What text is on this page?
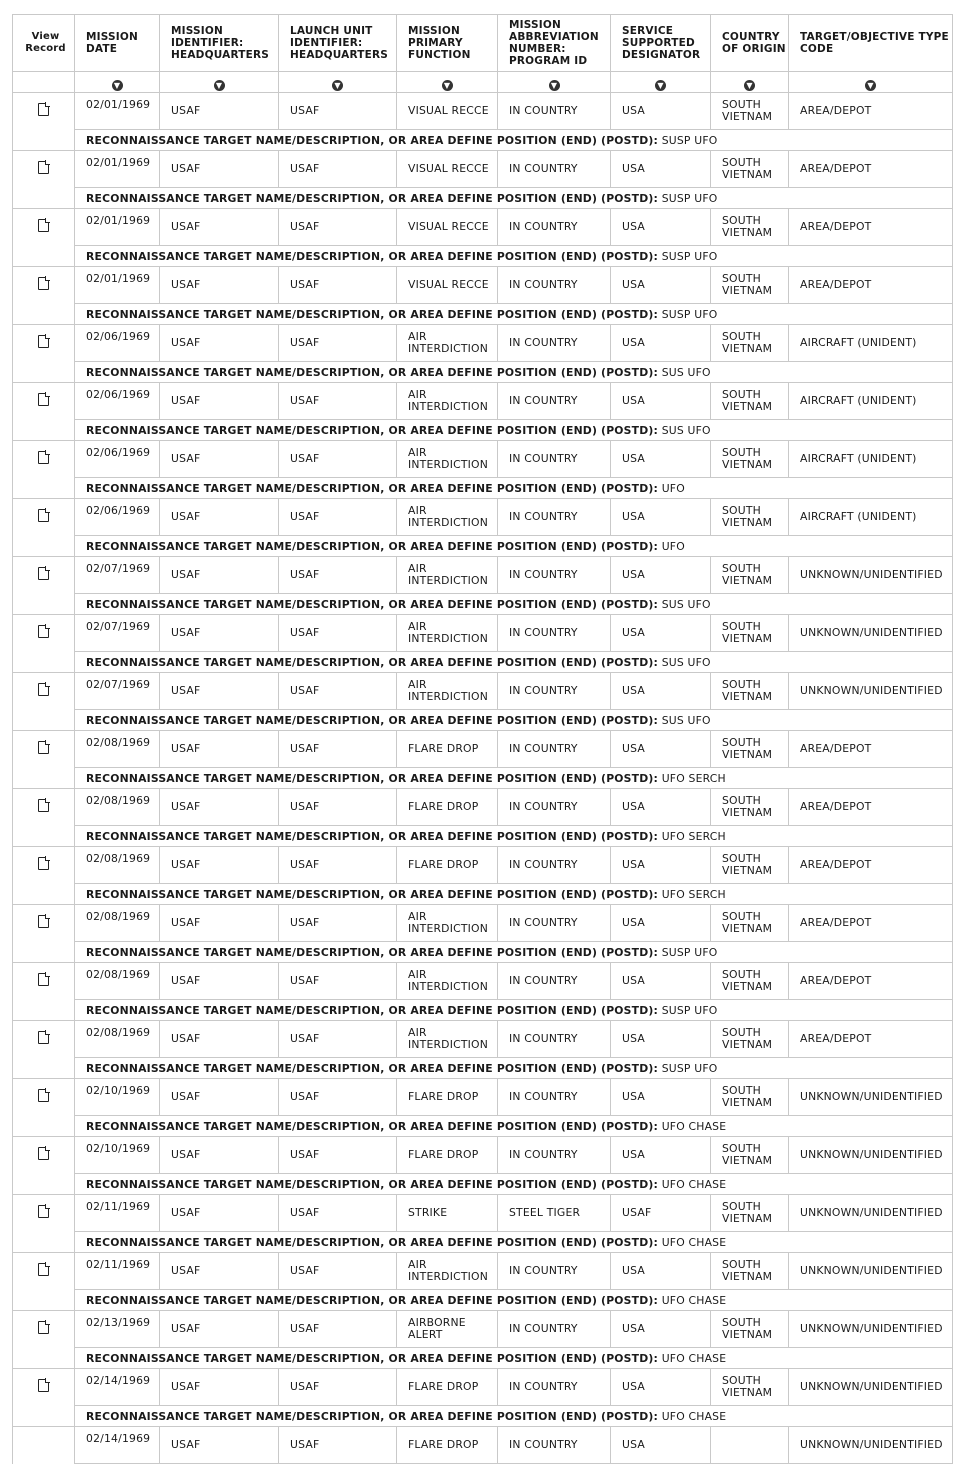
View Record	MISSION DATE	MISSION IDENTIFIER: HEADQUARTERS	LAUNCH UNIT IDENTIFIER: HEADQUARTERS	MISSION PRIMARY FUNCTION	MISSION ABBREVIATION NUMBER: PROGRAM ID	SERVICE SUPPORTED DESIGNATOR	COUNTRY OF ORIGIN	TARGET/OBJECTIVE TYPE CODE
	▼	▼	▼	▼	▼	▼	▼	▼
	02/01/1969	USAF	USAF	VISUAL RECCE	IN COUNTRY	USA	SOUTH VIETNAM	AREA/DEPOT
	RECONNAISSANCE TARGET NAME/DESCRIPTION, OR AREA DEFINE POSITION (END) (POSTD): SUSP UFO							
	02/01/1969	USAF	USAF	VISUAL RECCE	IN COUNTRY	USA	SOUTH VIETNAM	AREA/DEPOT
	RECONNAISSANCE TARGET NAME/DESCRIPTION, OR AREA DEFINE POSITION (END) (POSTD): SUSP UFO							
	02/01/1969	USAF	USAF	VISUAL RECCE	IN COUNTRY	USA	SOUTH VIETNAM	AREA/DEPOT
	RECONNAISSANCE TARGET NAME/DESCRIPTION, OR AREA DEFINE POSITION (END) (POSTD): SUSP UFO							
	02/01/1969	USAF	USAF	VISUAL RECCE	IN COUNTRY	USA	SOUTH VIETNAM	AREA/DEPOT
	RECONNAISSANCE TARGET NAME/DESCRIPTION, OR AREA DEFINE POSITION (END) (POSTD): SUSP UFO							
	02/06/1969	USAF	USAF	AIR INTERDICTION	IN COUNTRY	USA	SOUTH VIETNAM	AIRCRAFT (UNIDENT)
	RECONNAISSANCE TARGET NAME/DESCRIPTION, OR AREA DEFINE POSITION (END) (POSTD): SUS UFO							
	02/06/1969	USAF	USAF	AIR INTERDICTION	IN COUNTRY	USA	SOUTH VIETNAM	AIRCRAFT (UNIDENT)
	RECONNAISSANCE TARGET NAME/DESCRIPTION, OR AREA DEFINE POSITION (END) (POSTD): SUS UFO							
	02/06/1969	USAF	USAF	AIR INTERDICTION	IN COUNTRY	USA	SOUTH VIETNAM	AIRCRAFT (UNIDENT)
	RECONNAISSANCE TARGET NAME/DESCRIPTION, OR AREA DEFINE POSITION (END) (POSTD): UFO							
	02/06/1969	USAF	USAF	AIR INTERDICTION	IN COUNTRY	USA	SOUTH VIETNAM	AIRCRAFT (UNIDENT)
	RECONNAISSANCE TARGET NAME/DESCRIPTION, OR AREA DEFINE POSITION (END) (POSTD): UFO							
	02/07/1969	USAF	USAF	AIR INTERDICTION	IN COUNTRY	USA	SOUTH VIETNAM	UNKNOWN/UNIDENTIFIED
	RECONNAISSANCE TARGET NAME/DESCRIPTION, OR AREA DEFINE POSITION (END) (POSTD): SUS UFO							
	02/07/1969	USAF	USAF	AIR INTERDICTION	IN COUNTRY	USA	SOUTH VIETNAM	UNKNOWN/UNIDENTIFIED
	RECONNAISSANCE TARGET NAME/DESCRIPTION, OR AREA DEFINE POSITION (END) (POSTD): SUS UFO							
	02/07/1969	USAF	USAF	AIR INTERDICTION	IN COUNTRY	USA	SOUTH VIETNAM	UNKNOWN/UNIDENTIFIED
	RECONNAISSANCE TARGET NAME/DESCRIPTION, OR AREA DEFINE POSITION (END) (POSTD): SUS UFO							
	02/08/1969	USAF	USAF	FLARE DROP	IN COUNTRY	USA	SOUTH VIETNAM	AREA/DEPOT
	RECONNAISSANCE TARGET NAME/DESCRIPTION, OR AREA DEFINE POSITION (END) (POSTD): UFO SERCH							
	02/08/1969	USAF	USAF	FLARE DROP	IN COUNTRY	USA	SOUTH VIETNAM	AREA/DEPOT
	RECONNAISSANCE TARGET NAME/DESCRIPTION, OR AREA DEFINE POSITION (END) (POSTD): UFO SERCH							
	02/08/1969	USAF	USAF	FLARE DROP	IN COUNTRY	USA	SOUTH VIETNAM	AREA/DEPOT
	RECONNAISSANCE TARGET NAME/DESCRIPTION, OR AREA DEFINE POSITION (END) (POSTD): UFO SERCH							
	02/08/1969	USAF	USAF	AIR INTERDICTION	IN COUNTRY	USA	SOUTH VIETNAM	AREA/DEPOT
	RECONNAISSANCE TARGET NAME/DESCRIPTION, OR AREA DEFINE POSITION (END) (POSTD): SUSP UFO							
	02/08/1969	USAF	USAF	AIR INTERDICTION	IN COUNTRY	USA	SOUTH VIETNAM	AREA/DEPOT
	RECONNAISSANCE TARGET NAME/DESCRIPTION, OR AREA DEFINE POSITION (END) (POSTD): SUSP UFO							
	02/08/1969	USAF	USAF	AIR INTERDICTION	IN COUNTRY	USA	SOUTH VIETNAM	AREA/DEPOT
	RECONNAISSANCE TARGET NAME/DESCRIPTION, OR AREA DEFINE POSITION (END) (POSTD): SUSP UFO							
	02/10/1969	USAF	USAF	FLARE DROP	IN COUNTRY	USA	SOUTH VIETNAM	UNKNOWN/UNIDENTIFIED
	RECONNAISSANCE TARGET NAME/DESCRIPTION, OR AREA DEFINE POSITION (END) (POSTD): UFO CHASE							
	02/10/1969	USAF	USAF	FLARE DROP	IN COUNTRY	USA	SOUTH VIETNAM	UNKNOWN/UNIDENTIFIED
	RECONNAISSANCE TARGET NAME/DESCRIPTION, OR AREA DEFINE POSITION (END) (POSTD): UFO CHASE							
	02/11/1969	USAF	USAF	STRIKE	STEEL TIGER	USAF	SOUTH VIETNAM	UNKNOWN/UNIDENTIFIED
	RECONNAISSANCE TARGET NAME/DESCRIPTION, OR AREA DEFINE POSITION (END) (POSTD): UFO CHASE							
	02/11/1969	USAF	USAF	AIR INTERDICTION	IN COUNTRY	USA	SOUTH VIETNAM	UNKNOWN/UNIDENTIFIED
	RECONNAISSANCE TARGET NAME/DESCRIPTION, OR AREA DEFINE POSITION (END) (POSTD): UFO CHASE							
	02/13/1969	USAF	USAF	AIRBORNE ALERT	IN COUNTRY	USA	SOUTH VIETNAM	UNKNOWN/UNIDENTIFIED
	RECONNAISSANCE TARGET NAME/DESCRIPTION, OR AREA DEFINE POSITION (END) (POSTD): UFO CHASE							
	02/14/1969	USAF	USAF	FLARE DROP	IN COUNTRY	USA	SOUTH VIETNAM	UNKNOWN/UNIDENTIFIED
	RECONNAISSANCE TARGET NAME/DESCRIPTION, OR AREA DEFINE POSITION (END) (POSTD): UFO CHASE							
	02/14/1969	USAF	USAF	FLARE DROP	IN COUNTRY	USA		UNKNOWN/UNIDENTIFIED
